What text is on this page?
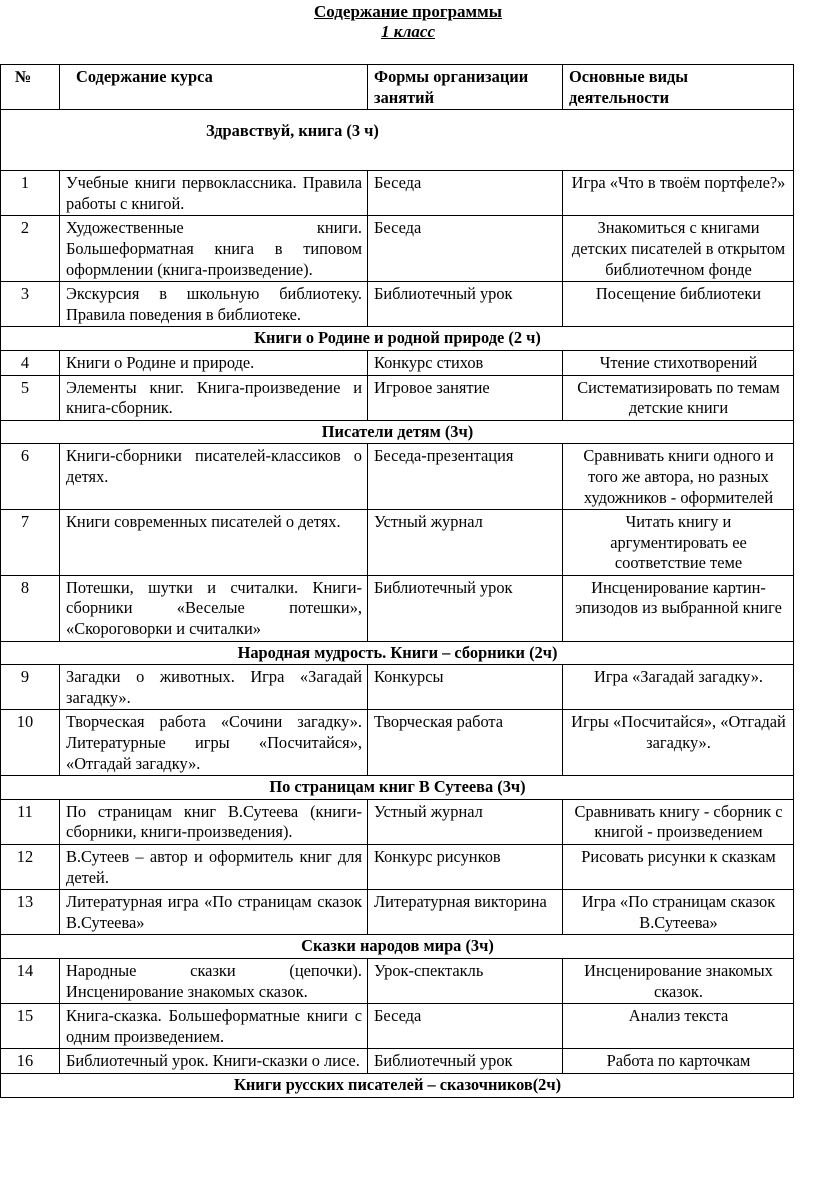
Содержание программы
1 класс
№	Содержание курса	Формы организации занятий	Основные виды деятельности
Здравствуй, книга (3 ч)			
1	Учебные книги первоклассника. Правила работы с книгой.	Беседа	Игра «Что в твоём портфеле?»
2	Художественные книги. Большеформатная книга в типовом оформлении (книга-произведение).	Беседа	Знакомиться с книгами детских писателей в открытом библиотечном фонде
3	Экскурсия в школьную библиотеку. Правила поведения в библиотеке.	Библиотечный урок	Посещение библиотеки
Книги о Родине и родной природе (2 ч)			
4	Книги о Родине и природе.	Конкурс стихов	Чтение стихотворений
5	Элементы книг. Книга-произведение и книга-сборник.	Игровое занятие	Систематизировать по темам детские книги
Писатели детям (3ч)			
6	Книги-сборники писателей-классиков о детях.	Беседа-презентация	Сравнивать книги одного и того же автора, но разных художников - оформителей
7	Книги современных писателей о детях.	Устный журнал	Читать книгу и аргументировать ее соответствие теме
8	Потешки, шутки и считалки. Книги-сборники «Веселые потешки», «Скороговорки и считалки»	Библиотечный урок	Инсценирование картин-эпизодов из выбранной книге
Народная мудрость. Книги – сборники (2ч)			
9	Загадки о животных. Игра «Загадай загадку».	Конкурсы	Игра «Загадай загадку».
10	Творческая работа «Сочини загадку». Литературные игры «Посчитайся», «Отгадай загадку».	Творческая работа	Игры «Посчитайся», «Отгадай загадку».
По страницам книг В Сутеева (3ч)			
11	По страницам книг В.Сутеева (книги-сборники, книги-произведения).	Устный журнал	Сравнивать книгу - сборник с книгой - произведением
12	В.Сутеев – автор и оформитель книг для детей.	Конкурс рисунков	Рисовать рисунки к сказкам
13	Литературная игра «По страницам сказок В.Сутеева»	Литературная викторина	Игра «По страницам сказок В.Сутеева»
Сказки народов мира (3ч)			
14	Народные сказки (цепочки). Инсценирование знакомых сказок.	Урок-спектакль	Инсценирование знакомых сказок.
15	Книга-сказка. Большеформатные книги с одним произведением.	Беседа	Анализ текста
16	Библиотечный урок. Книги-сказки о лисе.	Библиотечный урок	Работа по карточкам
Книги русских писателей – сказочников(2ч)			
